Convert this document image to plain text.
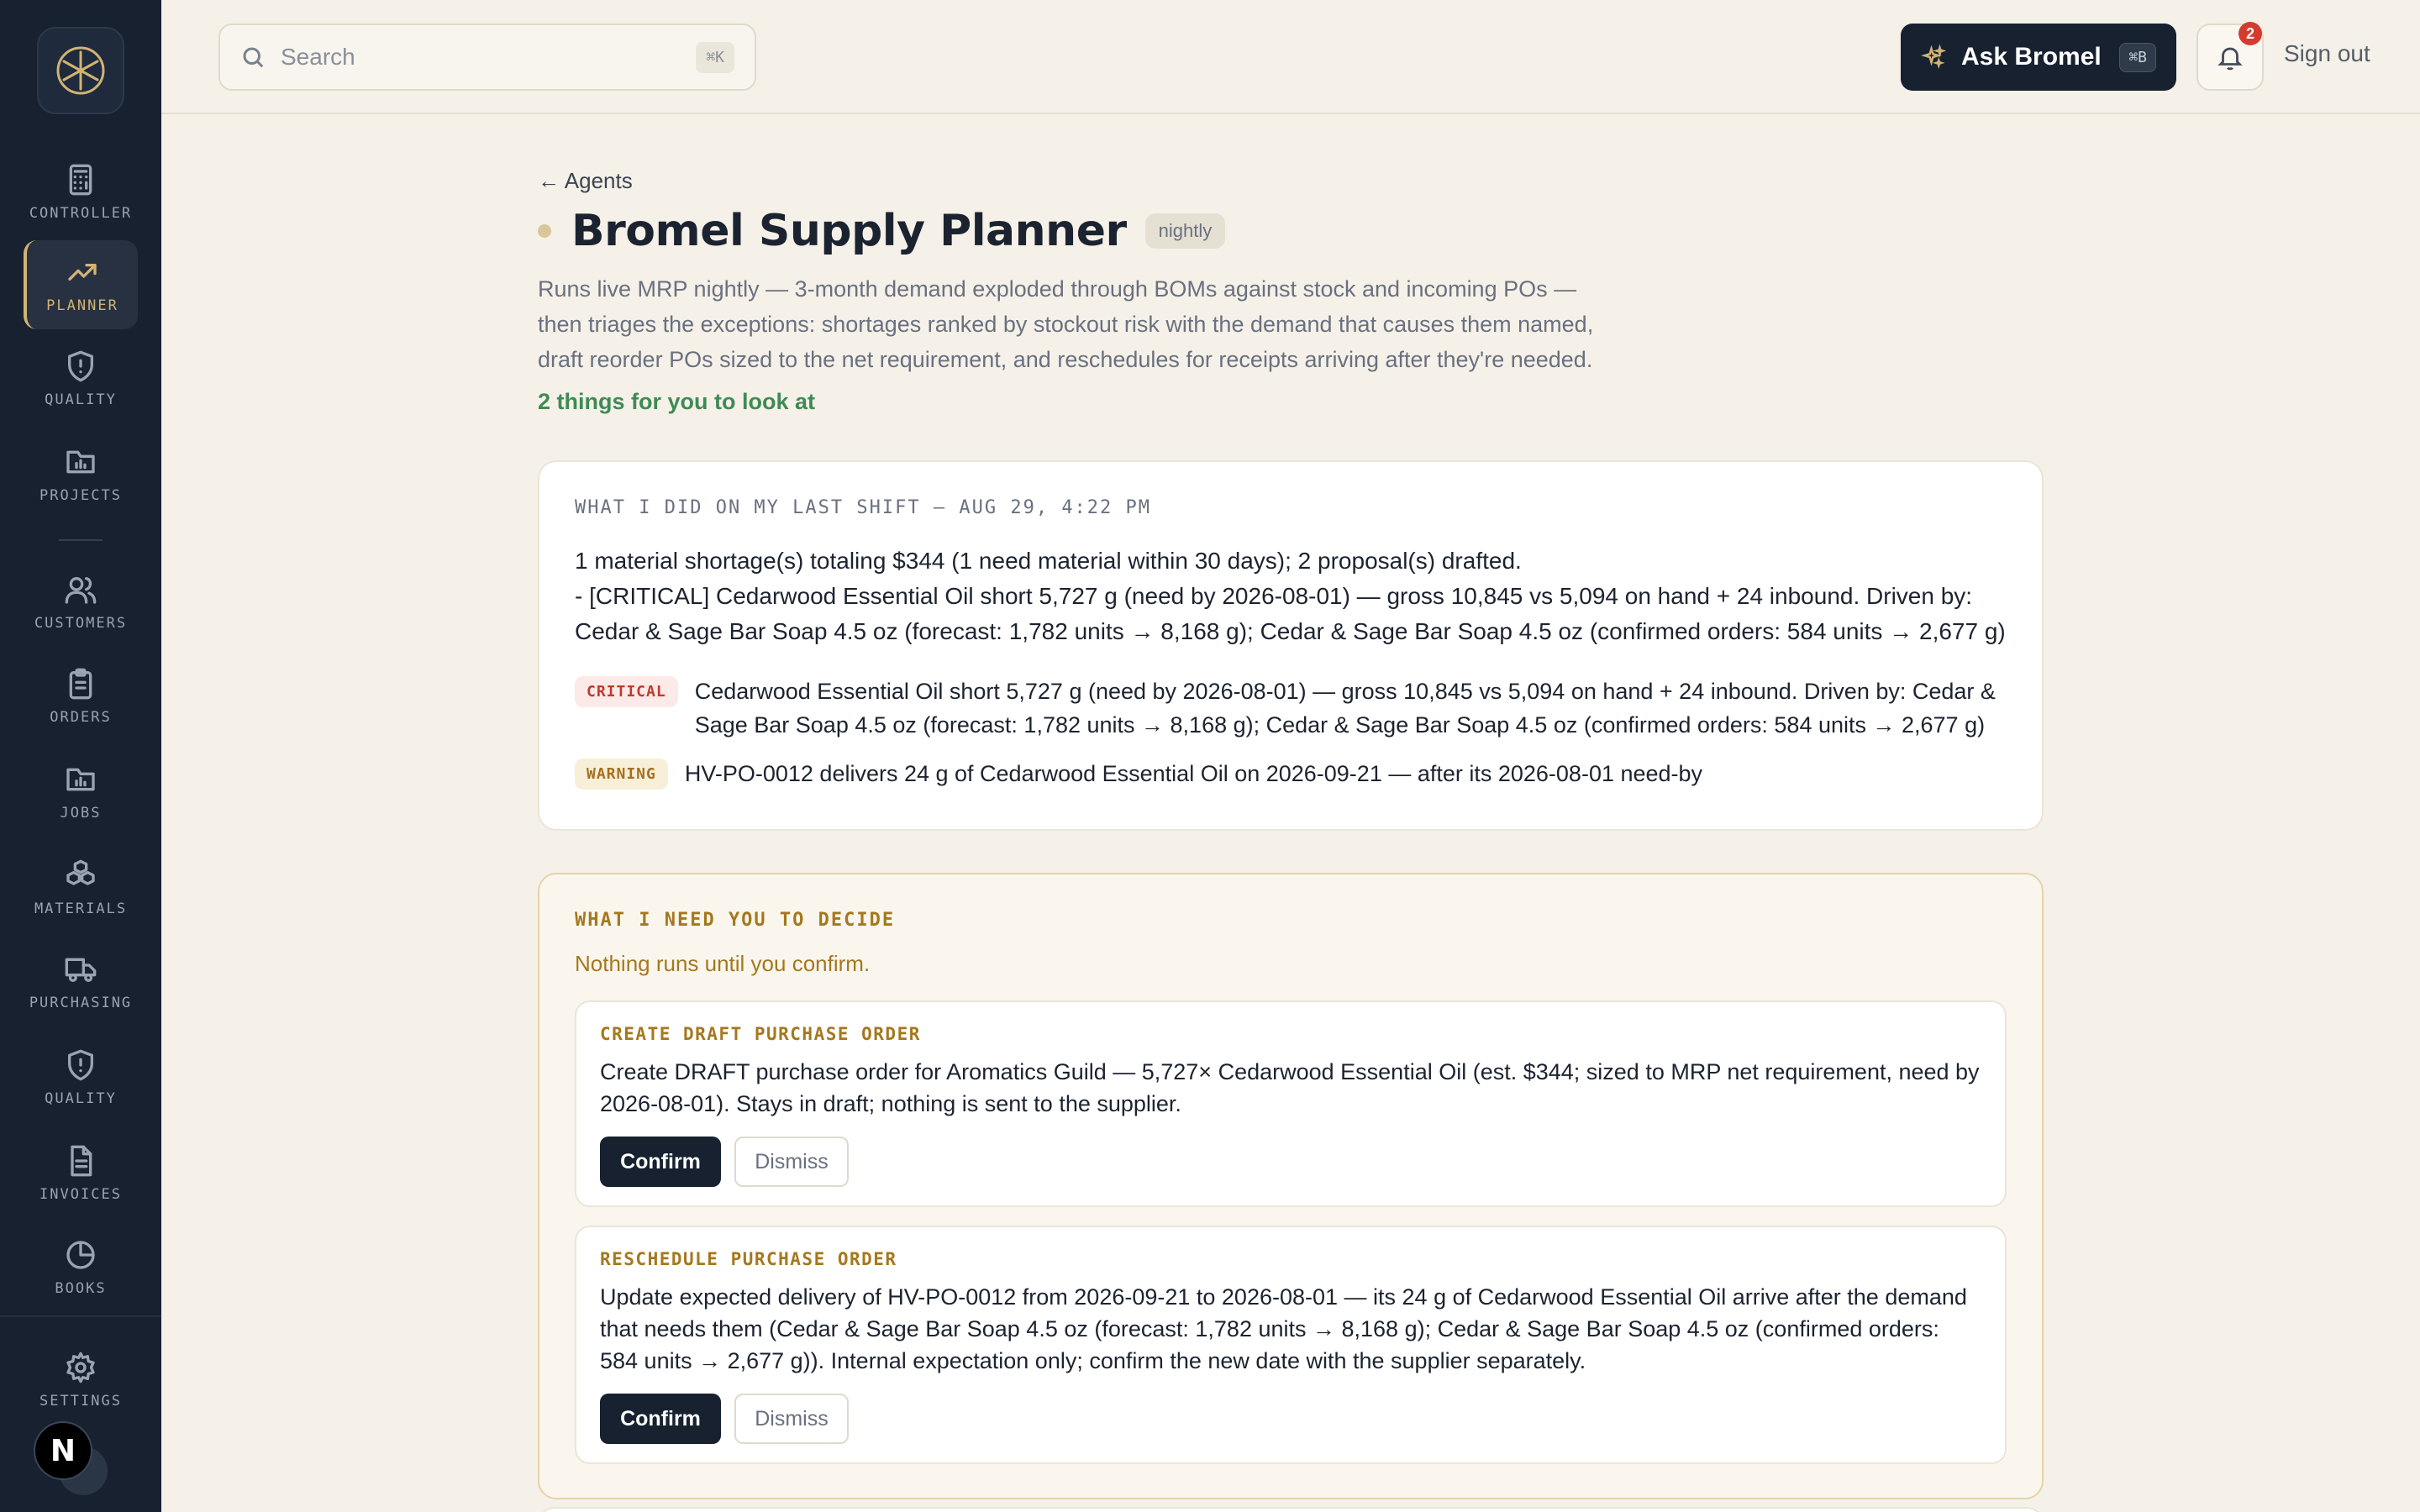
CONTROLLER
PLANNER
QUALITY
PROJECTS
CUSTOMERS
ORDERS
JOBS
MATERIALS
PURCHASING
QUALITY
INVOICES
BOOKS
SETTINGS
N
Search	⌘K	Ask Bromel	⌘B
2
Sign out
← Agents
Bromel Supply Planner	nightly

Runs live MRP nightly — 3-month demand exploded through BOMs against stock and incoming POs — then triages the exceptions: shortages ranked by stockout risk with the demand that causes them named, draft reorder POs sized to the net requirement, and reschedules for receipts arriving after they're needed.

2 things for you to look at
WHAT I DID ON MY LAST SHIFT — AUG 29, 4:22 PM
1 material shortage(s) totaling $344 (1 need material within 30 days); 2 proposal(s) drafted.
- [CRITICAL] Cedarwood Essential Oil short 5,727 g (need by 2026-08-01) — gross 10,845 vs 5,094 on hand + 24 inbound. Driven by: Cedar & Sage Bar Soap 4.5 oz (forecast: 1,782 units → 8,168 g); Cedar & Sage Bar Soap 4.5 oz (confirmed orders: 584 units → 2,677 g)
CRITICAL	Cedarwood Essential Oil short 5,727 g (need by 2026-08-01) — gross 10,845 vs 5,094 on hand + 24 inbound. Driven by: Cedar & Sage Bar Soap 4.5 oz (forecast: 1,782 units → 8,168 g); Cedar & Sage Bar Soap 4.5 oz (confirmed orders: 584 units → 2,677 g)
WARNING	HV-PO-0012 delivers 24 g of Cedarwood Essential Oil on 2026-09-21 — after its 2026-08-01 need-by
WHAT I NEED YOU TO DECIDE
Nothing runs until you confirm.
CREATE DRAFT PURCHASE ORDER
Create DRAFT purchase order for Aromatics Guild — 5,727× Cedarwood Essential Oil (est. $344; sized to MRP net requirement, need by 2026-08-01). Stays in draft; nothing is sent to the supplier.
Confirm	Dismiss
RESCHEDULE PURCHASE ORDER
Update expected delivery of HV-PO-0012 from 2026-09-21 to 2026-08-01 — its 24 g of Cedarwood Essential Oil arrive after the demand that needs them (Cedar & Sage Bar Soap 4.5 oz (forecast: 1,782 units → 8,168 g); Cedar & Sage Bar Soap 4.5 oz (confirmed orders: 584 units → 2,677 g)). Internal expectation only; confirm the new date with the supplier separately.
Confirm	Dismiss
